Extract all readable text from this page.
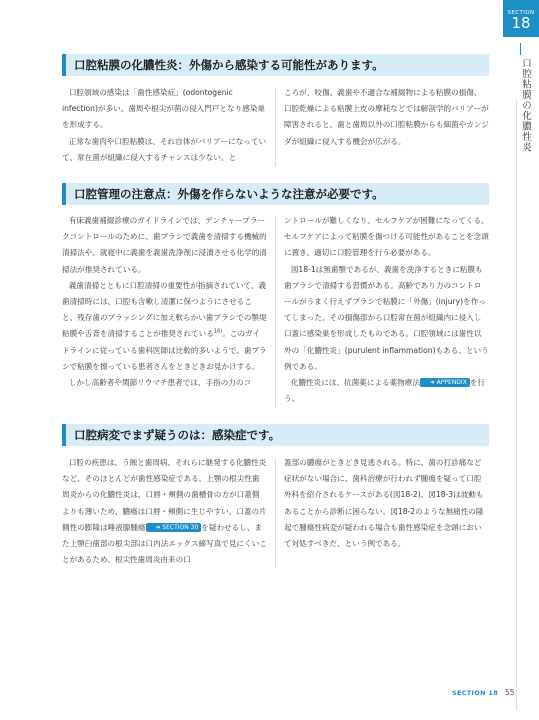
SECTION
18
口腔粘膜の化膿性炎
口腔粘膜の化膿性炎：外傷から感染する可能性があります。

口腔領域の感染は「歯性感染症」(odontogenic infection)が多い。歯周や根尖が菌の侵入門戸となり感染巣を形成する。

正常な歯肉や口腔粘膜は、それ自体がバリアーになっていて、常在菌が組織に侵入するチャンスは少ない。と

ころが、咬傷、義歯や不適合な補綴物による粘膜の損傷、口腔乾燥による粘膜上皮の摩耗などでは解剖学的バリアーが障害されると、歯と歯周以外の口腔粘膜からも細菌やカンジダが組織に侵入する機会が広がる。

口腔管理の注意点：外傷を作らないような注意が必要です。

有床義歯補綴診療のガイドラインでは、デンチャープラークコントロールのために、歯ブラシで義歯を清掃する機械的清掃法や、就寝中に義歯を義歯洗浄剤に浸漬させる化学的清掃法が推奨されている。

義歯清掃とともに口腔清掃の重要性が指摘されていて、義歯清掃時には、口腔も含嗽し清潔に保つようにさせること、残存歯のブラッシングに加え軟らかい歯ブラシでの顎堤粘膜や舌背を清掃することが推奨されている$^{16)}$。このガイドラインに従っている歯科医師は比較的多いようで、歯ブラシで粘膜を擦っている患者さんをときどきお見かけする。

しかし高齢者や関節リウマチ患者では、手指の力のコ

ントロールが難しくなり、セルフケアが困難になってくる。セルフケアによって粘膜を傷つける可能性があることを念頭に置き、適切に口腔管理を行う必要がある。

図18-1は無歯顎であるが、義歯を洗浄するときに粘膜も歯ブラシで清掃する習慣がある。高齢であり力のコントロールがうまく行えずブラシで粘膜に「外傷」(injury)を作ってしまった。その損傷部から口腔常在菌が組織内に侵入し口蓋に感染巣を形成したものである。口腔領域には歯性以外の「化膿性炎」(purulent inflammation)もある、という例である。

化膿性炎には、抗菌薬による薬物療法 ➔ APPENDIX を行う。

口腔病変でまず疑うのは：感染症です。

口腔の疾患は、う蝕と歯周病、それらに継発する化膿性炎など、そのほとんどが歯性感染症である。上顎の根尖性歯周炎からの化膿性炎は、口唇・頬側の歯槽骨の方が口蓋側よりも薄いため、膿瘍は口唇・頬側に生じやすい。口蓋の片側性の膨隆は唾液腺腫瘍 ➔ SECTION 30 を疑わせるし、また上顎臼歯部の根尖部は口内法エックス線写真で見にくいことがあるため、根尖性歯周炎由来の口

蓋部の膿瘍がときどき見逃される。特に、歯の打診痛など症状がない場合に、歯科治療が行われず腫瘍を疑って口腔外科を紹介されるケースがある(図18-2)。図18-3は波動もあることから診断に困らない。図18-2のような無痛性の隆起で腫瘍性病変が疑われる場合も歯性感染症を念頭において対処すべきだ、という例である。

SECTION 18 55
